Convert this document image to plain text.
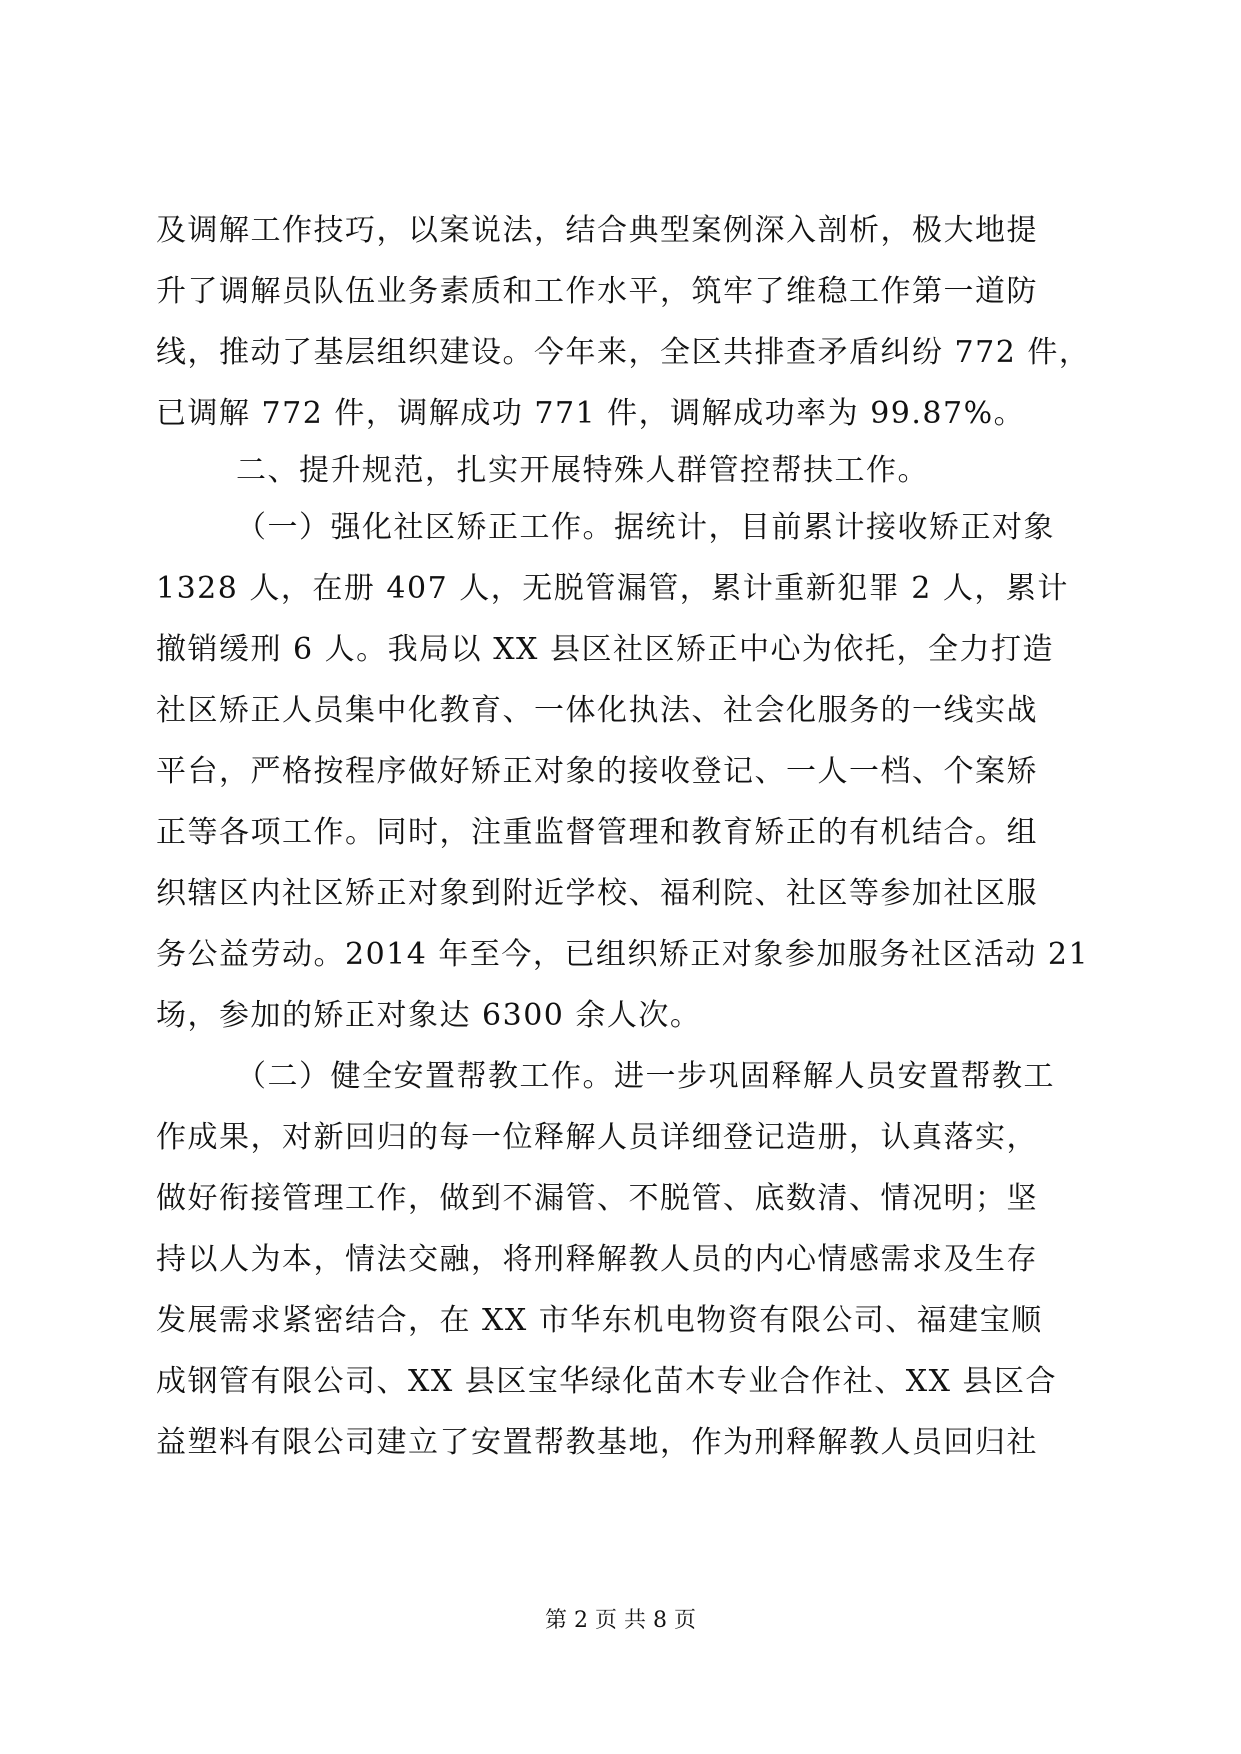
及调解工作技巧，以案说法，结合典型案例深入剖析，极大地提
升了调解员队伍业务素质和工作水平，筑牢了维稳工作第一道防
线，推动了基层组织建设。今年来，全区共排查矛盾纠纷 772 件，
已调解 772 件，调解成功 771 件，调解成功率为 99.87%。
二、提升规范，扎实开展特殊人群管控帮扶工作。
（一）强化社区矫正工作。据统计，目前累计接收矫正对象
1328 人，在册 407 人，无脱管漏管，累计重新犯罪 2 人，累计
撤销缓刑 6 人。我局以 XX 县区社区矫正中心为依托，全力打造
社区矫正人员集中化教育、一体化执法、社会化服务的一线实战
平台，严格按程序做好矫正对象的接收登记、一人一档、个案矫
正等各项工作。同时，注重监督管理和教育矫正的有机结合。组
织辖区内社区矫正对象到附近学校、福利院、社区等参加社区服
务公益劳动。2014 年至今，已组织矫正对象参加服务社区活动 21
场，参加的矫正对象达 6300 余人次。
（二）健全安置帮教工作。进一步巩固释解人员安置帮教工
作成果，对新回归的每一位释解人员详细登记造册，认真落实，
做好衔接管理工作，做到不漏管、不脱管、底数清、情况明；坚
持以人为本，情法交融，将刑释解教人员的内心情感需求及生存
发展需求紧密结合，在 XX 市华东机电物资有限公司、福建宝顺
成钢管有限公司、XX 县区宝华绿化苗木专业合作社、XX 县区合
益塑料有限公司建立了安置帮教基地，作为刑释解教人员回归社
第 2 页 共 8 页
